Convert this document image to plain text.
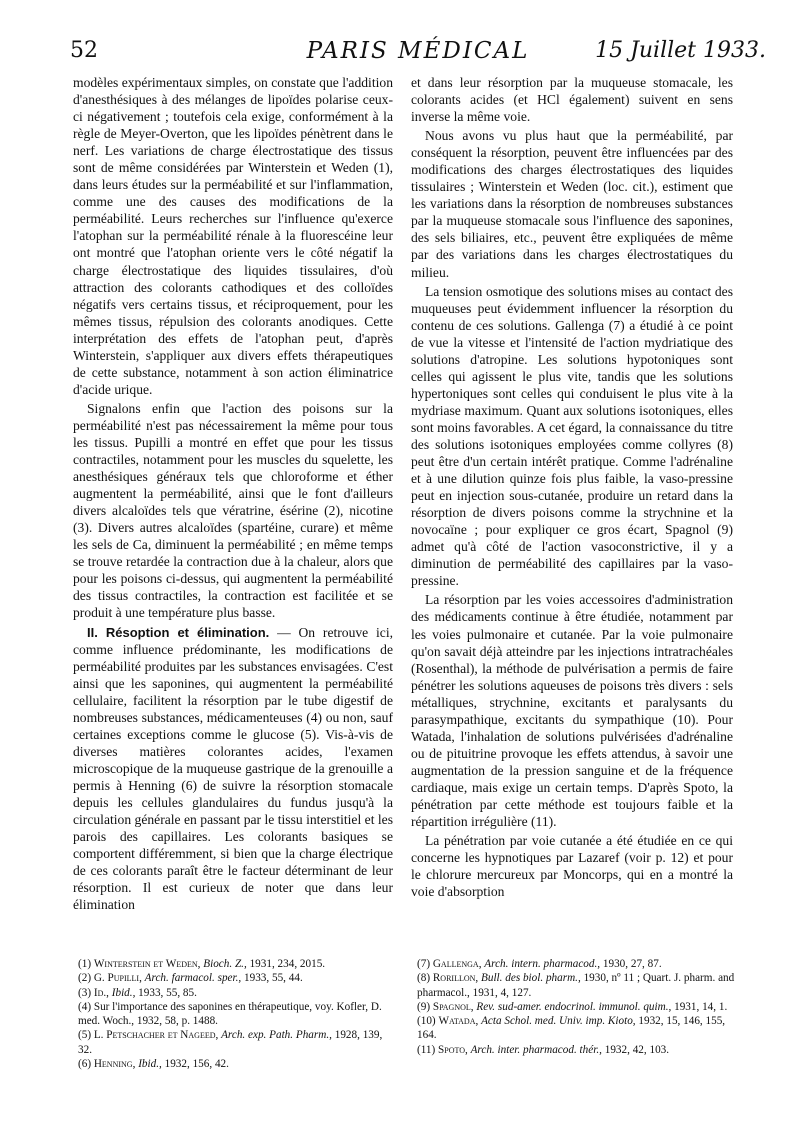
52	PARIS MÉDICAL	15 Juillet 1933.

modèles expérimentaux simples, on constate que l'addition d'anesthésiques à des mélanges de lipoïdes polarise ceux-ci négativement ; toutefois cela exige, conformément à la règle de Meyer-Overton, que les lipoïdes pénètrent dans le nerf. Les variations de charge électrostatique des tissus sont de même considérées par Winterstein et Weden (1), dans leurs études sur la perméabilité et sur l'inflammation, comme une des causes des modifications de la perméabilité. Leurs recherches sur l'influence qu'exerce l'atophan sur la perméabilité rénale à la fluorescéine leur ont montré que l'atophan oriente vers le côté négatif la charge électrostatique des liquides tissulaires, d'où attraction des colorants cathodiques et des colloïdes négatifs vers certains tissus, et réciproquement, pour les mêmes tissus, répulsion des colorants anodiques. Cette interprétation des effets de l'atophan peut, d'après Winterstein, s'appliquer aux divers effets thérapeutiques de cette substance, notamment à son action éliminatrice d'acide urique.

Signalons enfin que l'action des poisons sur la perméabilité n'est pas nécessairement la même pour tous les tissus. Pupilli a montré en effet que pour les tissus contractiles, notamment pour les muscles du squelette, les anesthésiques généraux tels que chloroforme et éther augmentent la perméabilité, ainsi que le font d'ailleurs divers alcaloïdes tels que vératrine, ésérine (2), nicotine (3). Divers autres alcaloïdes (spartéine, curare) et même les sels de Ca, diminuent la perméabilité ; en même temps se trouve retardée la contraction due à la chaleur, alors que pour les poisons ci-dessus, qui augmentent la perméabilité des tissus contractiles, la contraction est facilitée et se produit à une température plus basse.

II. Résoption et élimination. — On retrouve ici, comme influence prédominante, les modifications de perméabilité produites par les substances envisagées. C'est ainsi que les saponines, qui augmentent la perméabilité cellulaire, facilitent la résorption par le tube digestif de nombreuses substances, médicamenteuses (4) ou non, sauf certaines exceptions comme le glucose (5). Vis-à-vis de diverses matières colorantes acides, l'examen microscopique de la muqueuse gastrique de la grenouille a permis à Henning (6) de suivre la résorption stomacale depuis les cellules glandulaires du fundus jusqu'à la circulation générale en passant par le tissu interstitiel et les parois des capillaires. Les colorants basiques se comportent différemment, si bien que la charge électrique de ces colorants paraît être le facteur déterminant de leur résorption. Il est curieux de noter que dans leur élimination

et dans leur résorption par la muqueuse stomacale, les colorants acides (et HCl également) suivent en sens inverse la même voie.

Nous avons vu plus haut que la perméabilité, par conséquent la résorption, peuvent être influencées par des modifications des charges électrostatiques des liquides tissulaires ; Winterstein et Weden (loc. cit.), estiment que les variations dans la résorption de nombreuses substances par la muqueuse stomacale sous l'influence des saponines, des sels biliaires, etc., peuvent être expliquées de même par des variations dans les charges électrostatiques du milieu.

La tension osmotique des solutions mises au contact des muqueuses peut évidemment influencer la résorption du contenu de ces solutions. Gallenga (7) a étudié à ce point de vue la vitesse et l'intensité de l'action mydriatique des solutions d'atropine. Les solutions hypotoniques sont celles qui agissent le plus vite, tandis que les solutions hypertoniques sont celles qui conduisent le plus vite à la mydriase maximum. Quant aux solutions isotoniques, elles sont moins favorables. A cet égard, la connaissance du titre des solutions isotoniques employées comme collyres (8) peut être d'un certain intérêt pratique. Comme l'adrénaline et à une dilution quinze fois plus faible, la vaso-pressine peut en injection sous-cutanée, produire un retard dans la résorption de divers poisons comme la strychnine et la novocaïne ; pour expliquer ce gros écart, Spagnol (9) admet qu'à côté de l'action vasoconstrictive, il y a diminution de perméabilité des capillaires par la vaso-pressine.

La résorption par les voies accessoires d'administration des médicaments continue à être étudiée, notamment par les voies pulmonaire et cutanée. Par la voie pulmonaire qu'on savait déjà atteindre par les injections intratrachéales (Rosenthal), la méthode de pulvérisation a permis de faire pénétrer les solutions aqueuses de poisons très divers : sels métalliques, strychnine, excitants et paralysants du parasympathique, excitants du sympathique (10). Pour Watada, l'inhalation de solutions pulvérisées d'adrénaline ou de pituitrine provoque les effets attendus, à savoir une augmentation de la pression sanguine et de la fréquence cardiaque, mais exige un certain temps. D'après Spoto, la pénétration par cette méthode est toujours faible et la répartition irrégulière (11).

La pénétration par voie cutanée a été étudiée en ce qui concerne les hypnotiques par Lazaref (voir p. 12) et pour le chlorure mercureux par Moncorps, qui en a montré la voie d'absorption

(1) Winterstein et Weden, Bioch. Z., 1931, 234, 2015.

(2) G. Pupilli, Arch. farmacol. sper., 1933, 55, 44.

(3) Id., Ibid., 1933, 55, 85.

(4) Sur l'importance des saponines en thérapeutique, voy. Kofler, D. med. Woch., 1932, 58, p. 1488.

(5) L. Petschacher et Nageed, Arch. exp. Path. Pharm., 1928, 139, 32.

(6) Henning, Ibid., 1932, 156, 42.

(7) Gallenga, Arch. intern. pharmacod., 1930, 27, 87.

(8) Rorillon, Bull. des biol. pharm., 1930, nº 11 ; Quart. J. pharm. and pharmacol., 1931, 4, 127.

(9) Spagnol, Rev. sud-amer. endocrinol. immunol. quim., 1931, 14, 1.

(10) Watada, Acta Schol. med. Univ. imp. Kioto, 1932, 15, 146, 155, 164.

(11) Spoto, Arch. inter. pharmacod. thér., 1932, 42, 103.
